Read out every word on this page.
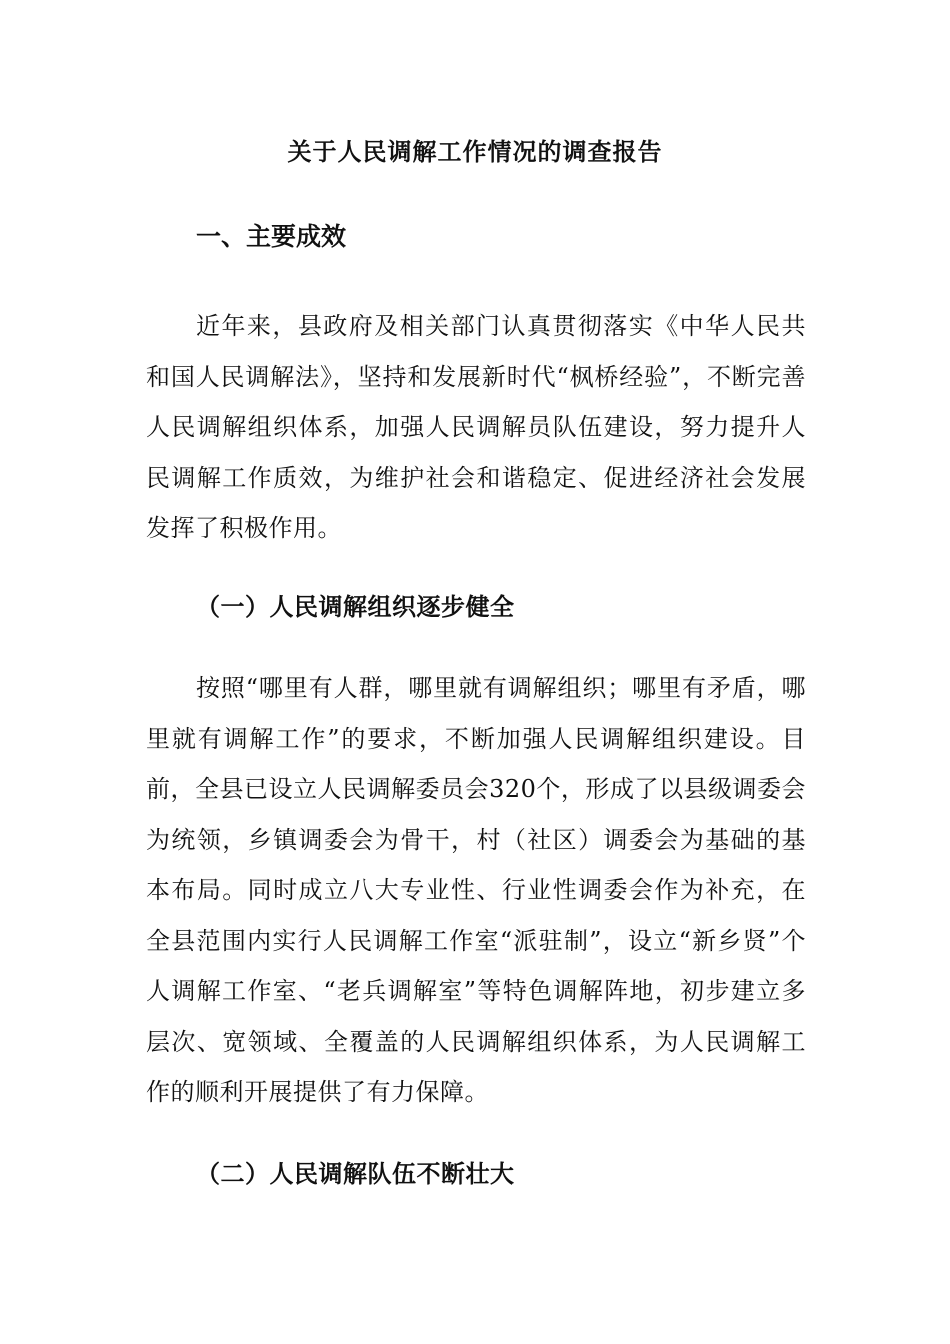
关于人民调解工作情况的调查报告
一、主要成效

近年来，县政府及相关部门认真贯彻落实《中华人民共和国人民调解法》，坚持和发展新时代“枫桥经验”，不断完善人民调解组织体系，加强人民调解员队伍建设，努力提升人民调解工作质效，为维护社会和谐稳定、促进经济社会发展发挥了积极作用。

（一）人民调解组织逐步健全

按照“哪里有人群，哪里就有调解组织；哪里有矛盾，哪里就有调解工作”的要求，不断加强人民调解组织建设。目前，全县已设立人民调解委员会320个，形成了以县级调委会为统领，乡镇调委会为骨干，村（社区）调委会为基础的基本布局。同时成立八大专业性、行业性调委会作为补充，在全县范围内实行人民调解工作室“派驻制”，设立“新乡贤”个人调解工作室、“老兵调解室”等特色调解阵地，初步建立多层次、宽领域、全覆盖的人民调解组织体系，为人民调解工作的顺利开展提供了有力保障。

（二）人民调解队伍不断壮大
